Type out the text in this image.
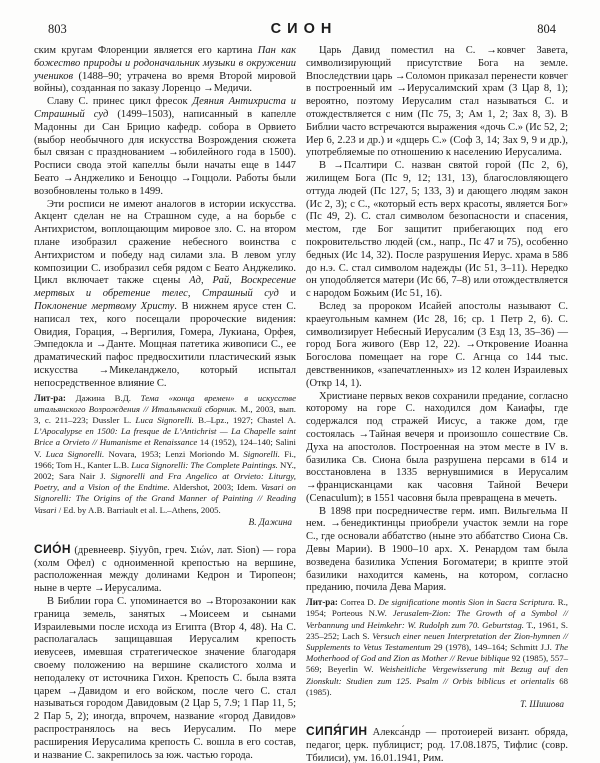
803	СИОН	804

ским кругам Флоренции является его картина Пан как божество природы и родоначальник музыки в окружении учеников (1488–90; утрачена во время Второй мировой войны), созданная по заказу Лоренцо →Медичи.

Славу С. принес цикл фресок Деяния Антихриста и Страшный суд (1499–1503), написанный в капелле Мадонны ди Сан Брицио кафедр. собора в Орвието (выбор необычного для искусства Возрождения сюжета был связан с празднованием →юбилейного года в 1500). Росписи свода этой капеллы были начаты еще в 1447 Беато →Анджелико и Беноццо →Гоццоли. Работы были возобновлены только в 1499.

Эти росписи не имеют аналогов в истории искусства. Акцент сделан не на Страшном суде, а на борьбе с Антихристом, воплощающим мировое зло. С. на втором плане изобразил сражение небесного воинства с Антихристом и победу над силами зла. В левом углу композиции С. изобразил себя рядом с Беато Анджелико. Цикл включает также сцены Ад, Рай, Воскресение мертвых и обретение телес, Страшный суд и Поклонение мертвому Христу. В нижнем ярусе стен С. написал тех, кого посещали пророческие видения: Овидия, Горация, →Вергилия, Гомера, Лукиана, Орфея, Эмпедокла и →Данте. Мощная патетика живописи С., ее драматический пафос предвосхитили пластический язык искусства →Микеланджело, который испытал непосредственное влияние С.

Лит-ра: Дажина В.Д. Тема «конца времен» в искусстве итальянского Возрождения // Итальянский сборник. М., 2003, вып. 3, с. 211–223; Dussler L. Luca Signorelli. B.–Lpz., 1927; Chastel A. L’Apocalypse en 1500: La fresque de L’Antichrist — La Chapelle saint Brice a Orvieto // Humanisme et Renaissance 14 (1952), 124–140; Salini V. Luca Signorelli. Novara, 1953; Lenzi Moriondo M. Signorelli. Fi., 1966; Tom H., Kanter L.B. Luca Signorelli: The Complete Paintings. NY., 2002; Sara Nair J. Signorelli and Fra Angelico at Orvieto: Liturgy, Poetry, and a Vision of the Endtime. Aldershot, 2003; Idem. Vasari on Signorelli: The Origins of the Grand Manner of Painting // Reading Vasari / Ed. by A.B. Barriault et al. L.–Athens, 2005.

В. Дажина

СИО́Н (древнеевр. Ṣiyyôn, греч. Σιών, лат. Sion) — гора (холм Офел) с одноименной крепостью на вершине, расположенная между долинами Кедрон и Тиропеон; ныне в черте →Иерусалима.

В Библии гора С. упоминается во →Второзаконии как граница земель, занятых →Моисеем и сынами Израилевыми после исхода из Египта (Втор 4, 48). На С. располагалась защищавшая Иерусалим крепость иевусеев, имевшая стратегическое значение благодаря своему положению на вершине скалистого холма и неподалеку от источника Гихон. Крепость С. была взята царем →Давидом и его войском, после чего С. стал называться городом Давидовым (2 Цар 5, 7.9; 1 Пар 11, 5; 2 Пар 5, 2); иногда, впрочем, название «город Давидов» распространялось на весь Иерусалим. По мере расширения Иерусалима крепость С. вошла в его состав, и название С. закрепилось за юж. частью города.

Царь Давид поместил на С. →ковчег Завета, символизирующий присутствие Бога на земле. Впоследствии царь →Соломон приказал перенести ковчег в построенный им →Иерусалимский храм (3 Цар 8, 1); вероятно, поэтому Иерусалим стал называться С. и отождествляется с ним (Пс 75, 3; Ам 1, 2; Зах 8, 3). В Библии часто встречаются выражения «дочь С.» (Ис 52, 2; Иер 6, 2.23 и др.) и «дщерь С.» (Соф 3, 14; Зах 9, 9 и др.), употребляемые по отношению к населению Иерусалима.

В →Псалтири С. назван святой горой (Пс 2, 6), жилищем Бога (Пс 9, 12; 131, 13), благословляющего оттуда людей (Пс 127, 5; 133, 3) и дающего людям закон (Ис 2, 3); с С., «который есть верх красоты, является Бог» (Пс 49, 2). С. стал символом безопасности и спасения, местом, где Бог защитит прибегающих под его покровительство людей (см., напр., Пс 47 и 75), особенно бедных (Ис 14, 32). После разрушения Иерус. храма в 586 до н.э. С. стал символом надежды (Ис 51, 3–11). Нередко он уподобляется матери (Ис 66, 7–8) или отождествляется с народом Божьим (Ис 51, 16).

Вслед за пророком Исайей апостолы называют С. краеугольным камнем (Ис 28, 16; ср. 1 Петр 2, 6). С. символизирует Небесный Иерусалим (3 Езд 13, 35–36) — город Бога живого (Евр 12, 22). →Откровение Иоанна Богослова помещает на горе С. Агнца со 144 тыс. девственников, «запечатленных» из 12 колен Израилевых (Откр 14, 1).

Христиане первых веков сохранили предание, согласно которому на горе С. находился дом Каиафы, где содержался под стражей Иисус, а также дом, где состоялась →Тайная вечеря и произошло сошествие Св. Духа на апостолов. Построенная на этом месте в IV в. базилика Св. Сиона была разрушена персами в 614 и восстановлена в 1335 вернувшимися в Иерусалим →францисканцами как часовня Тайной Вечери (Cenaculum); в 1551 часовня была превращена в мечеть.

В 1898 при посредничестве герм. имп. Вильгельма II нем. →бенедиктинцы приобрели участок земли на горе С., где основали аббатство (ныне это аббатство Сиона Св. Девы Марии). В 1900–10 арх. Х. Ренардом там была возведена базилика Успения Богоматери; в крипте этой базилики находится камень, на котором, согласно преданию, почила Дева Мария.

Лит-ра: Correa D. De significatione montis Sion in Sacra Scriptura. R., 1954; Porteous N.W. Jerusalem-Zion: The Growth of a Symbol // Verbannung und Heimkehr: W. Rudolph zum 70. Geburtstag. T., 1961, S. 235–252; Lach S. Versuch einer neuen Interpretation der Zion-hymnen // Supplements to Vetus Testamentum 29 (1978), 149–164; Schmitt J.J. The Motherhood of God and Zion as Mother // Revue biblique 92 (1985), 557–569; Beyerlin W. Weisheitliche Vergewisserung mit Bezug auf den Zionskult: Studien zum 125. Psalm // Orbis biblicus et orientalis 68 (1985).

Т. Шишова

СИПЯ́ГИН Алекса́ндр — протоиерей визант. обряда, педагог, церк. публицист; род. 17.08.1875, Тифлис (совр. Тбилиси), ум. 16.01.1941, Рим.
